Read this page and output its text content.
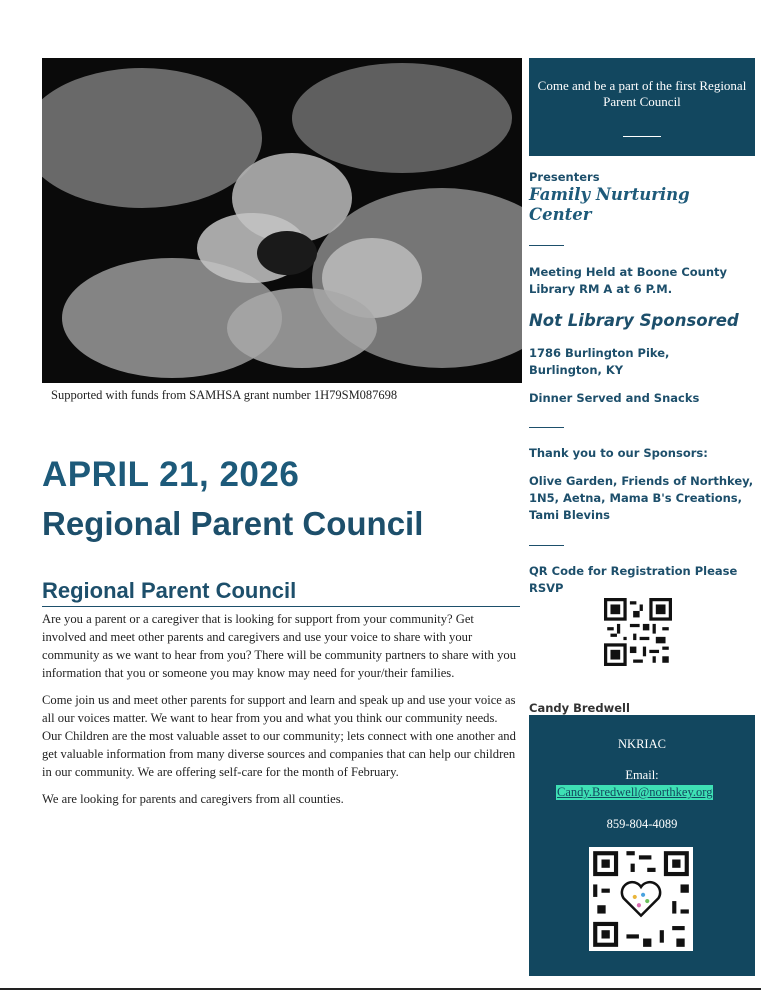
Supported with funds from SAMHSA grant number 1H79SM087698
APRIL 21, 2026
Regional Parent Council
Regional Parent Council

Are you a parent or a caregiver that is looking for support from your community? Get involved and meet other parents and caregivers and use your voice to share with your community as we want to hear from you? There will be community partners to share with you information that you or someone you may know may need for your/their families.

Come join us and meet other parents for support and learn and speak up and use your voice as all our voices matter. We want to hear from you and what you think our community needs. Our Children are the most valuable asset to our community; lets connect with one another and get valuable information from many diverse sources and companies that can help our children in our community. We are offering self-care for the month of February.

We are looking for parents and caregivers from all counties.

Come and be a part of the first Regional Parent Council
Presenters
Family Nurturing Center
Meeting Held at Boone County Library RM A at 6 P.M.
Not Library Sponsored
1786 Burlington Pike, Burlington, KY
Dinner Served and Snacks
Thank you to our Sponsors:
Olive Garden, Friends of Northkey, 1N5, Aetna, Mama B's Creations, Tami Blevins
QR Code for Registration Please RSVP
Candy Bredwell
NKRIAC
Email:
Candy.Bredwell@northkey.org
859-804-4089
